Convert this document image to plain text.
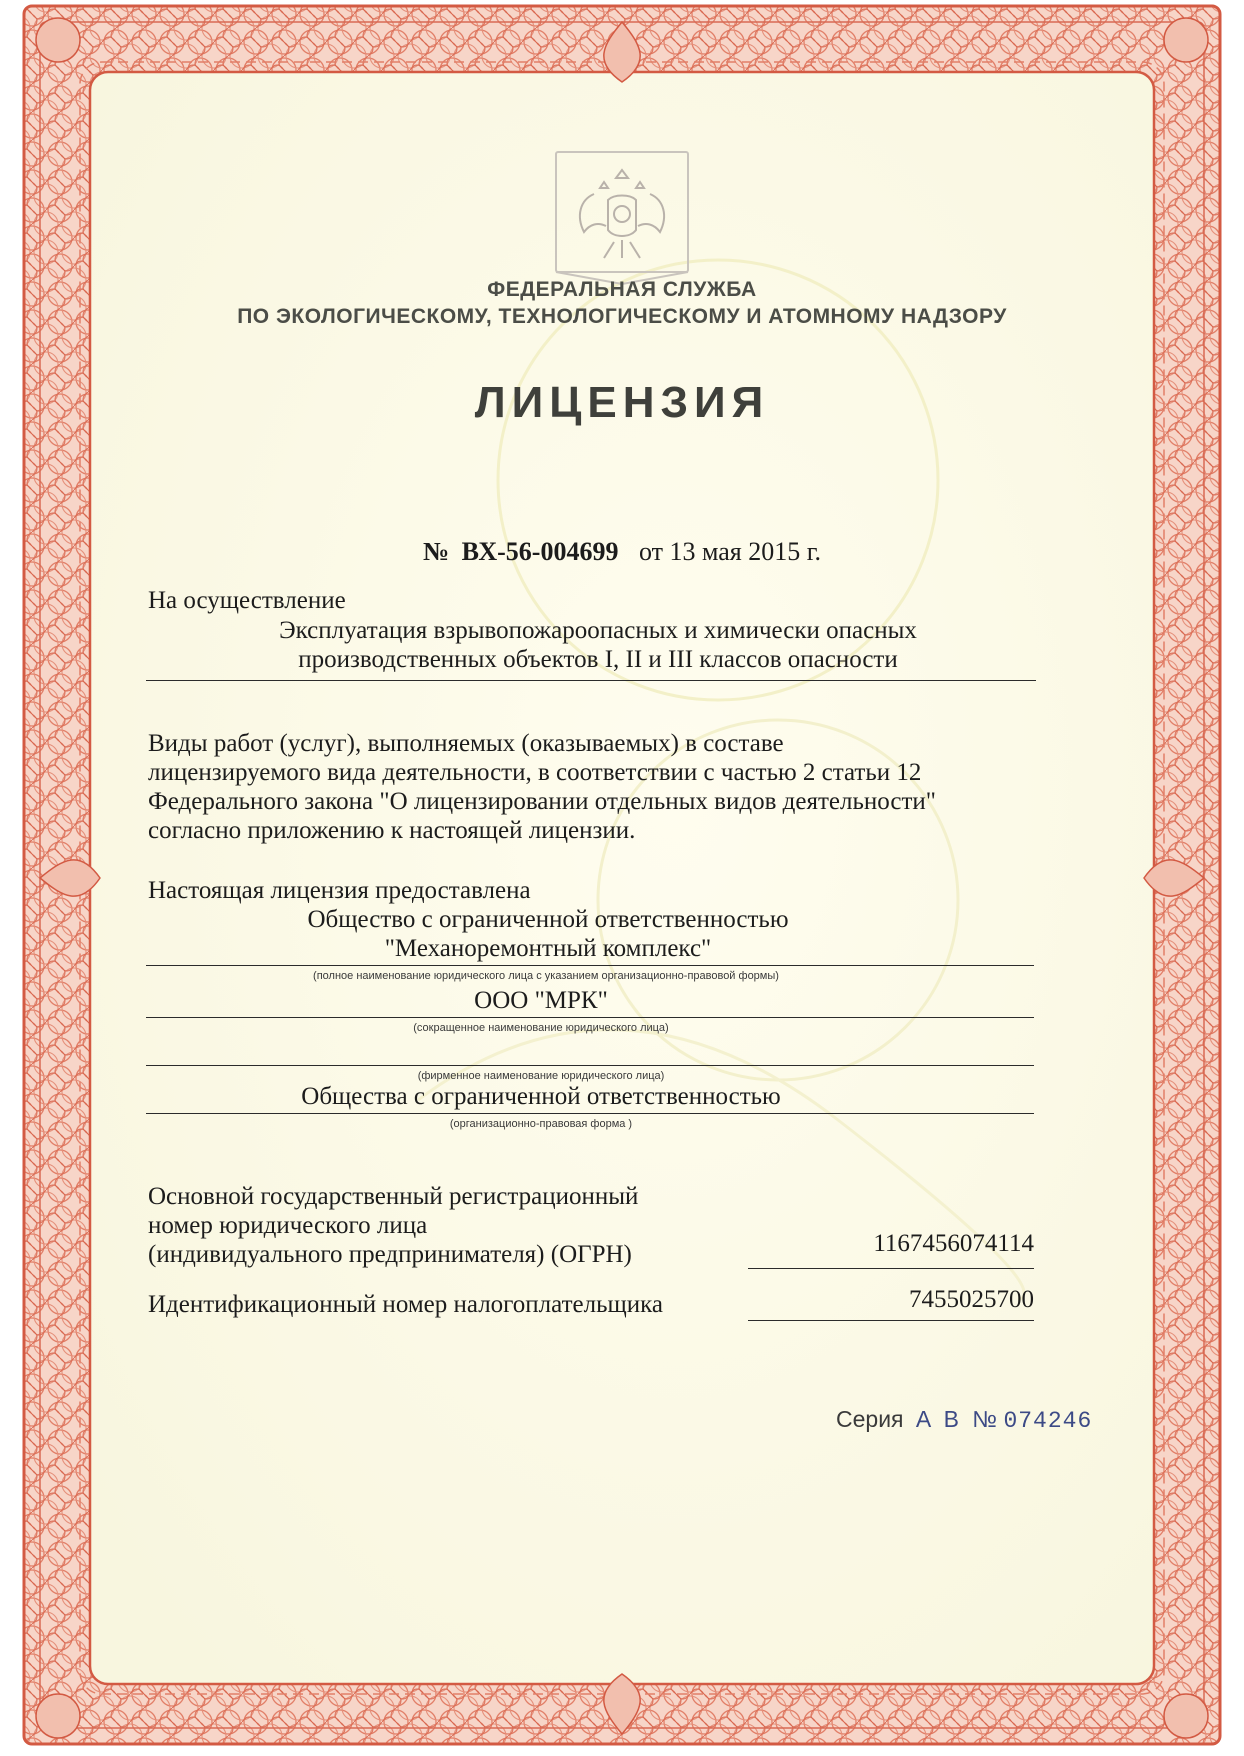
ФЕДЕРАЛЬНАЯ СЛУЖБА
ПО ЭКОЛОГИЧЕСКОМУ, ТЕХНОЛОГИЧЕСКОМУ И АТОМНОМУ НАДЗОРУ
ЛИЦЕНЗИЯ
№ ВХ-56-004699 от 13 мая 2015 г.
На осуществление
Эксплуатация взрывопожароопасных и химически опасных
производственных объектов I, II и III классов опасности
Виды работ (услуг), выполняемых (оказываемых) в составе
лицензируемого вида деятельности, в соответствии с частью 2 статьи 12
Федерального закона "О лицензировании отдельных видов деятельности"
согласно приложению к настоящей лицензии.
Настоящая лицензия предоставлена
Общество с ограниченной ответственностью
"Механоремонтный комплекс"
(полное наименование юридического лица с указанием организационно-правовой формы)
ООО "МРК"
(сокращенное наименование юридического лица)
(фирменное наименование юридического лица)
Общества с ограниченной ответственностью
(организационно-правовая форма )
Основной государственный регистрационный
номер юридического лица
(индивидуального предпринимателя) (ОГРН)	1167456074114
Идентификационный номер налогоплательщика	7455025700
Серия А В № 074246
